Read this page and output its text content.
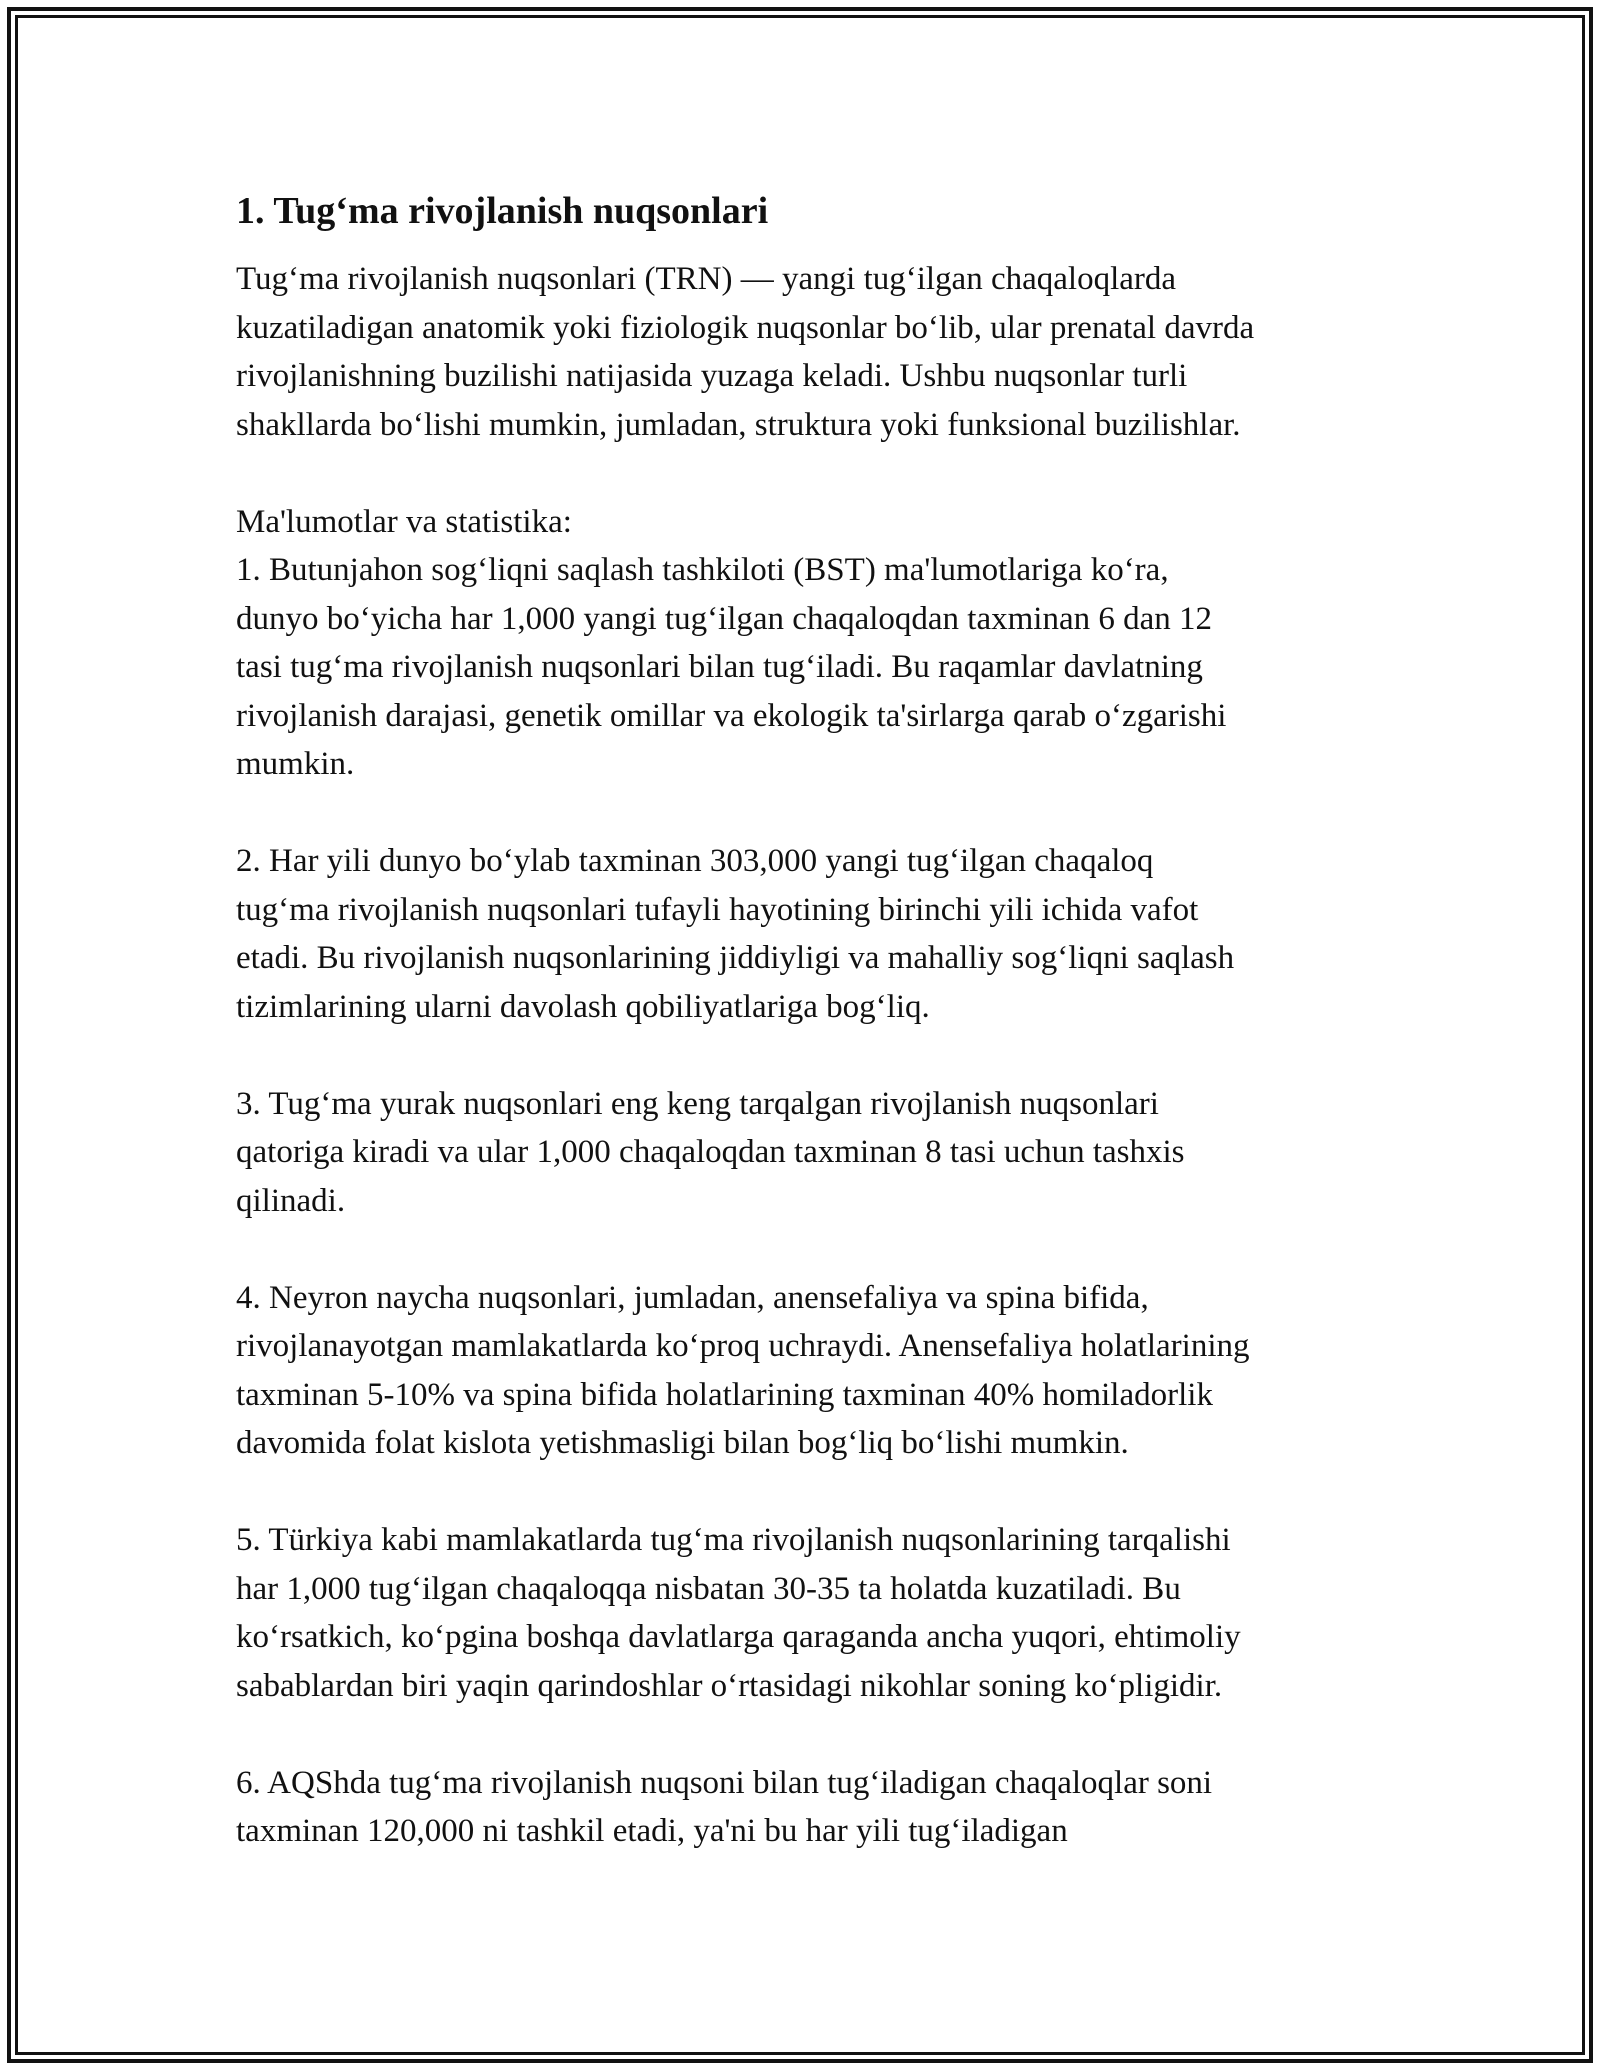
1. Tug‘ma rivojlanish nuqsonlari

Tug‘ma rivojlanish nuqsonlari (TRN) — yangi tug‘ilgan chaqaloqlarda

kuzatiladigan anatomik yoki fiziologik nuqsonlar bo‘lib, ular prenatal davrda

rivojlanishning buzilishi natijasida yuzaga keladi. Ushbu nuqsonlar turli

shakllarda bo‘lishi mumkin, jumladan, struktura yoki funksional buzilishlar.

Ma'lumotlar va statistika:

1. Butunjahon sog‘liqni saqlash tashkiloti (BST) ma'lumotlariga ko‘ra,

dunyo bo‘yicha har 1,000 yangi tug‘ilgan chaqaloqdan taxminan 6 dan 12

tasi tug‘ma rivojlanish nuqsonlari bilan tug‘iladi. Bu raqamlar davlatning

rivojlanish darajasi, genetik omillar va ekologik ta'sirlarga qarab o‘zgarishi

mumkin.

2. Har yili dunyo bo‘ylab taxminan 303,000 yangi tug‘ilgan chaqaloq

tug‘ma rivojlanish nuqsonlari tufayli hayotining birinchi yili ichida vafot

etadi. Bu rivojlanish nuqsonlarining jiddiyligi va mahalliy sog‘liqni saqlash

tizimlarining ularni davolash qobiliyatlariga bog‘liq.

3. Tug‘ma yurak nuqsonlari eng keng tarqalgan rivojlanish nuqsonlari

qatoriga kiradi va ular 1,000 chaqaloqdan taxminan 8 tasi uchun tashxis

qilinadi.

4. Neyron naycha nuqsonlari, jumladan, anensefaliya va spina bifida,

rivojlanayotgan mamlakatlarda ko‘proq uchraydi. Anensefaliya holatlarining

taxminan 5-10% va spina bifida holatlarining taxminan 40% homiladorlik

davomida folat kislota yetishmasligi bilan bog‘liq bo‘lishi mumkin.

5. Türkiya kabi mamlakatlarda tug‘ma rivojlanish nuqsonlarining tarqalishi

har 1,000 tug‘ilgan chaqaloqqa nisbatan 30-35 ta holatda kuzatiladi. Bu

ko‘rsatkich, ko‘pgina boshqa davlatlarga qaraganda ancha yuqori, ehtimoliy

sabablardan biri yaqin qarindoshlar o‘rtasidagi nikohlar soning ko‘pligidir.

6. AQShda tug‘ma rivojlanish nuqsoni bilan tug‘iladigan chaqaloqlar soni

taxminan 120,000 ni tashkil etadi, ya'ni bu har yili tug‘iladigan
